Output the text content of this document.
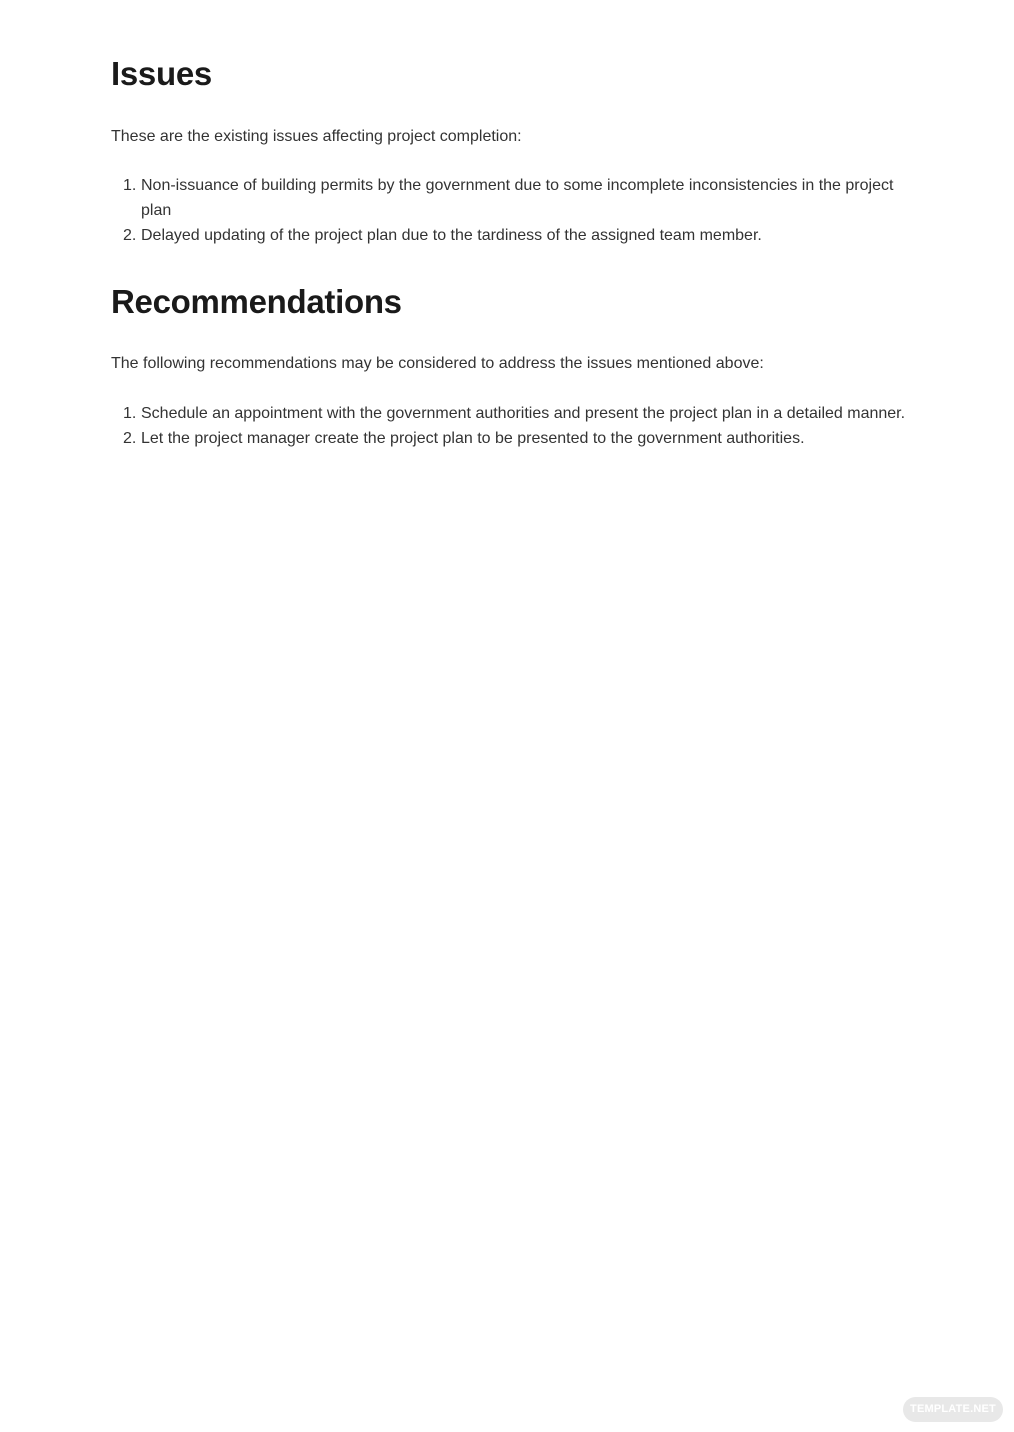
Issues

These are the existing issues affecting project completion:

1. Non-issuance of building permits by the government due to some incomplete inconsistencies in the project plan
2. Delayed updating of the project plan due to the tardiness of the assigned team member.
Recommendations

The following recommendations may be considered to address the issues mentioned above:

1. Schedule an appointment with the government authorities and present the project plan in a detailed manner.
2. Let the project manager create the project plan to be presented to the government authorities.
TEMPLATE.NET
